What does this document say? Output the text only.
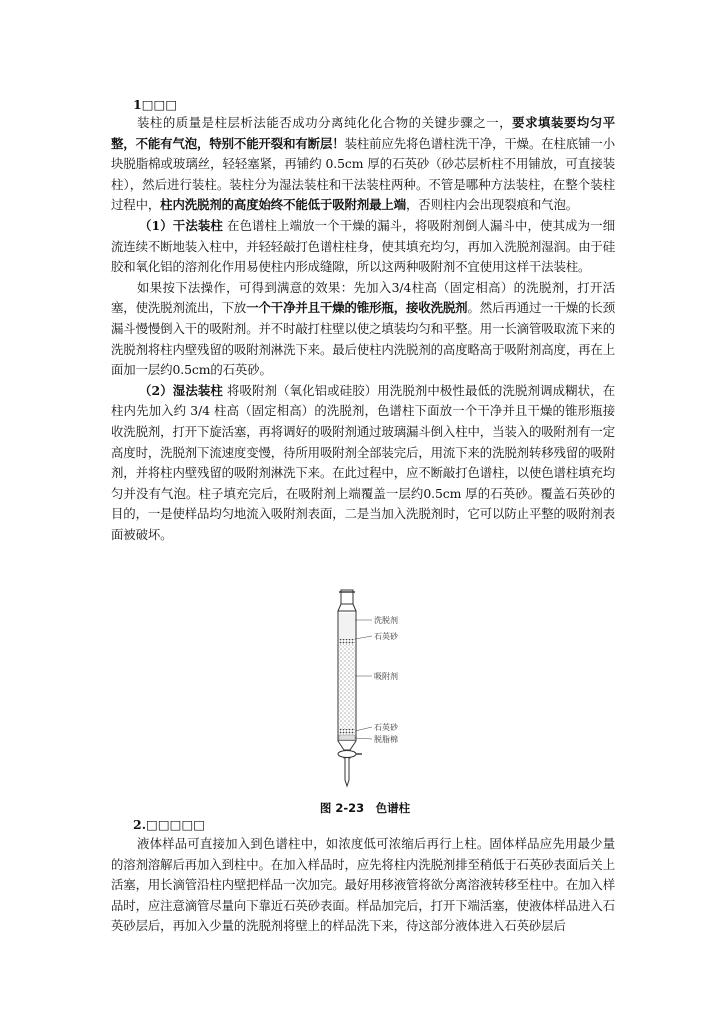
1□□□

装柱的质量是柱层析法能否成功分离纯化化合物的关键步骤之一，要求填装要均匀平整，不能有气泡，特别不能开裂和有断层！装柱前应先将色谱柱洗干净，干燥。在柱底铺一小块脱脂棉或玻璃丝，轻轻塞紧，再铺约 0.5cm 厚的石英砂（砂芯层析柱不用铺放，可直接装柱），然后进行装柱。装柱分为湿法装柱和干法装柱两种。不管是哪种方法装柱，在整个装柱过程中，柱内洗脱剂的高度始终不能低于吸附剂最上端，否则柱内会出现裂痕和气泡。

（1）干法装柱 在色谱柱上端放一个干燥的漏斗，将吸附剂倒人漏斗中，使其成为一细流连续不断地装入柱中，并轻轻敲打色谱柱柱身，使其填充均匀，再加入洗脱剂湿润。由于硅胶和氧化铝的溶剂化作用易使柱内形成缝隙，所以这两种吸附剂不宜使用这样干法装柱。

如果按下法操作，可得到满意的效果：先加入3/4柱高（固定相高）的洗脱剂，打开活塞，使洗脱剂流出，下放一个干净并且干燥的锥形瓶，接收洗脱剂。然后再通过一干燥的长颈漏斗慢慢倒入干的吸附剂。并不时敲打柱壁以使之填装均匀和平整。用一长滴管吸取流下来的洗脱剂将柱内壁残留的吸附剂淋洗下来。最后使柱内洗脱剂的高度略高于吸附剂高度，再在上面加一层约0.5cm的石英砂。

（2）湿法装柱 将吸附剂（氧化铝或硅胶）用洗脱剂中极性最低的洗脱剂调成糊状，在柱内先加入约 3/4 柱高（固定相高）的洗脱剂，色谱柱下面放一个干净并且干燥的锥形瓶接收洗脱剂，打开下旋活塞，再将调好的吸附剂通过玻璃漏斗倒入柱中，当装入的吸附剂有一定高度时，洗脱剂下流速度变慢，待所用吸附剂全部装完后，用流下来的洗脱剂转移残留的吸附剂，并将柱内壁残留的吸附剂淋洗下来。在此过程中，应不断敲打色谱柱，以使色谱柱填充均匀并没有气泡。柱子填充完后，在吸附剂上端覆盖一层约0.5cm 厚的石英砂。覆盖石英砂的目的，一是使样品均匀地流入吸附剂表面，二是当加入洗脱剂时，它可以防止平整的吸附剂表面被破坏。

洗脱剂
石英砂
吸附剂
石英砂
脱脂棉
图 2-23　色谱柱
2.□□□□□

液体样品可直接加入到色谱柱中，如浓度低可浓缩后再行上柱。固体样品应先用最少量的溶剂溶解后再加入到柱中。在加入样品时，应先将柱内洗脱剂排至稍低于石英砂表面后关上活塞，用长滴管沿柱内壁把样品一次加完。最好用移液管将欲分离溶液转移至柱中。在加入样品时，应注意滴管尽量向下靠近石英砂表面。样品加完后，打开下端活塞，使液体样品进入石英砂层后，再加入少量的洗脱剂将壁上的样品洗下来，待这部分液体进入石英砂层后
